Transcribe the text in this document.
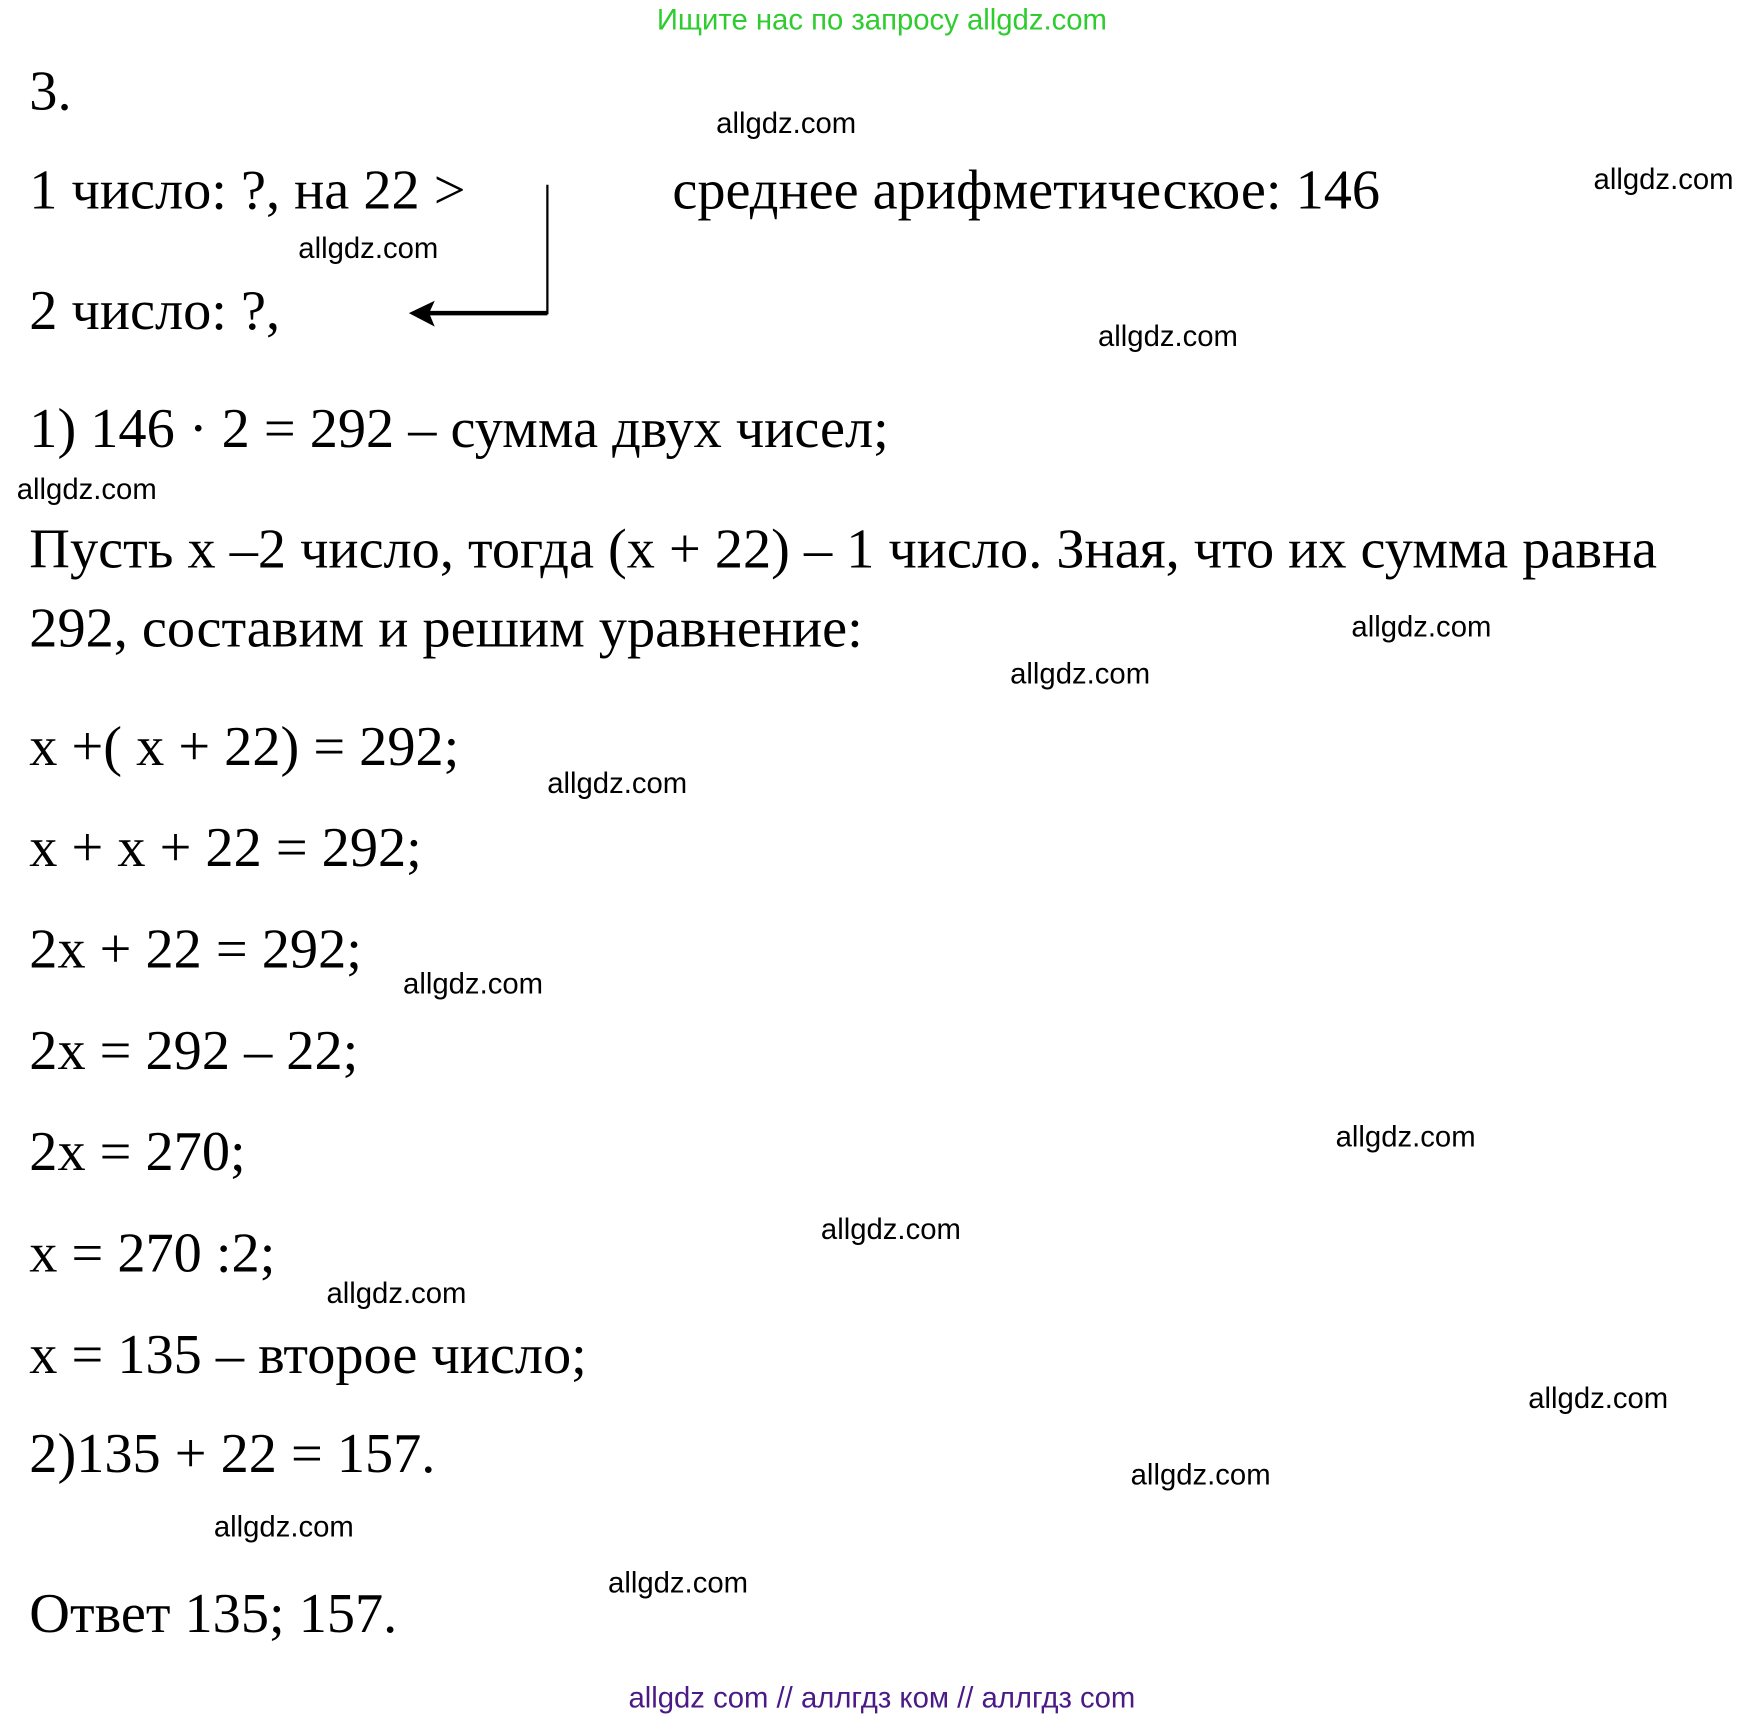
Ищите нас по запросу allgdz.com
3.
1 число: ?, на 22 >	среднее арифметическое: 146
2 число: ?,
1) 146 · 2 = 292 – сумма двух чисел;
Пусть x –2 число, тогда (x + 22) – 1 число. Зная, что их сумма равна
292, составим и решим уравнение:
x +( x + 22) = 292;
x + x + 22 = 292;
2x + 22 = 292;
2x = 292 – 22;
2x = 270;
x = 270 :2;
x = 135 – второе число;
2)135 + 22 = 157.
Ответ 135; 157.
allgdz.com
allgdz.com
allgdz.com
allgdz.com
allgdz.com
allgdz.com
allgdz.com
allgdz.com
allgdz.com
allgdz.com
allgdz.com
allgdz.com
allgdz.com
allgdz.com
allgdz.com
allgdz.com
allgdz com // аллгдз ком // аллгдз com
